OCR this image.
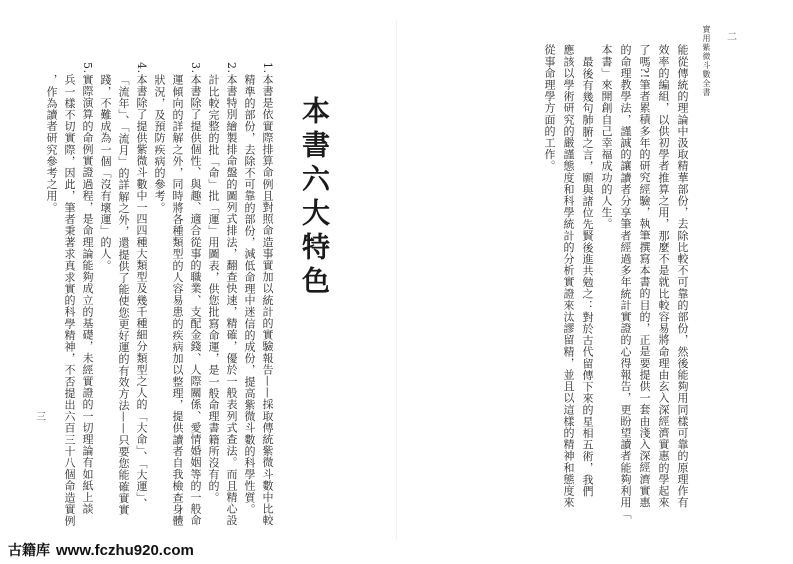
實用紫微斗數全書 二
能從傳統的理論中汲取精華部份，去除比較不可靠的部份，然後能夠用同樣可靠的原理作有
效率的編組，以供初學者推算之用，那麼不是就比較容易將命理由玄入深經濟實惠的學起來
了嗎?!筆者累積多年的研究經驗，執筆撰寫本書的目的，正是要提供一套由淺入深經濟實惠
的命理教學法，謹誠的讓讀者分享筆者經過多年統計實證的心得報告，更盼望讀者能夠利用「
本書」來開創自己幸福成功的人生。
最後有幾句肺腑之言，願與諸位先賢後進共勉之：對於古代留傳下來的星相五術，我們
應該以學術研究的嚴謹態度和科學統計的分析實證來汰謬留精，並且以這樣的精神和態度來
從事命理學方面的工作。
本書六大特色
1.本書是依實際排算命例且對照命造事實加以統計的實驗報告——採取傳統紫微斗數中比較
精準的部份，去除不可靠的部份，減低命理中迷信的成份，提高紫微斗數的科學性質。
2.本書特別繪製排命盤的圖列式排法，翻查快速，精確，優於一般表列式查法。而且精心設
計比較完整的批「命」批「運」用圖表，供您批寫命運，是一般命理書籍所沒有的。
3.本書除了提供個性、與趣、適合從事的職業、支配金錢、人際關係、愛情婚姻等的一般命
運傾向的詳解之外，同時將各種類型的人容易患的疾病加以整理，提供讀者自我檢查身體
狀況，及預防疾病的參考。
4.本書除了提供紫微斗數中一四四種大類型及幾千種細分類型之人的「大命」、「大運」、
「流年」、「流月」的詳解之外，還提供了能使您更好運的有效方法——只要您能確實實
踐，不難成為一個「沒有壞運」的人。
5.實際演算的命例實證過程，是命理論能夠成立的基礎，未經實證的一切理論有如紙上談
兵一樣不切實際，因此，筆者秉著求真求實的科學精神，不否提出六百三十八個命造實例
，作為讀者研究參考之用。
三
古籍库 www.fczhu920.com
